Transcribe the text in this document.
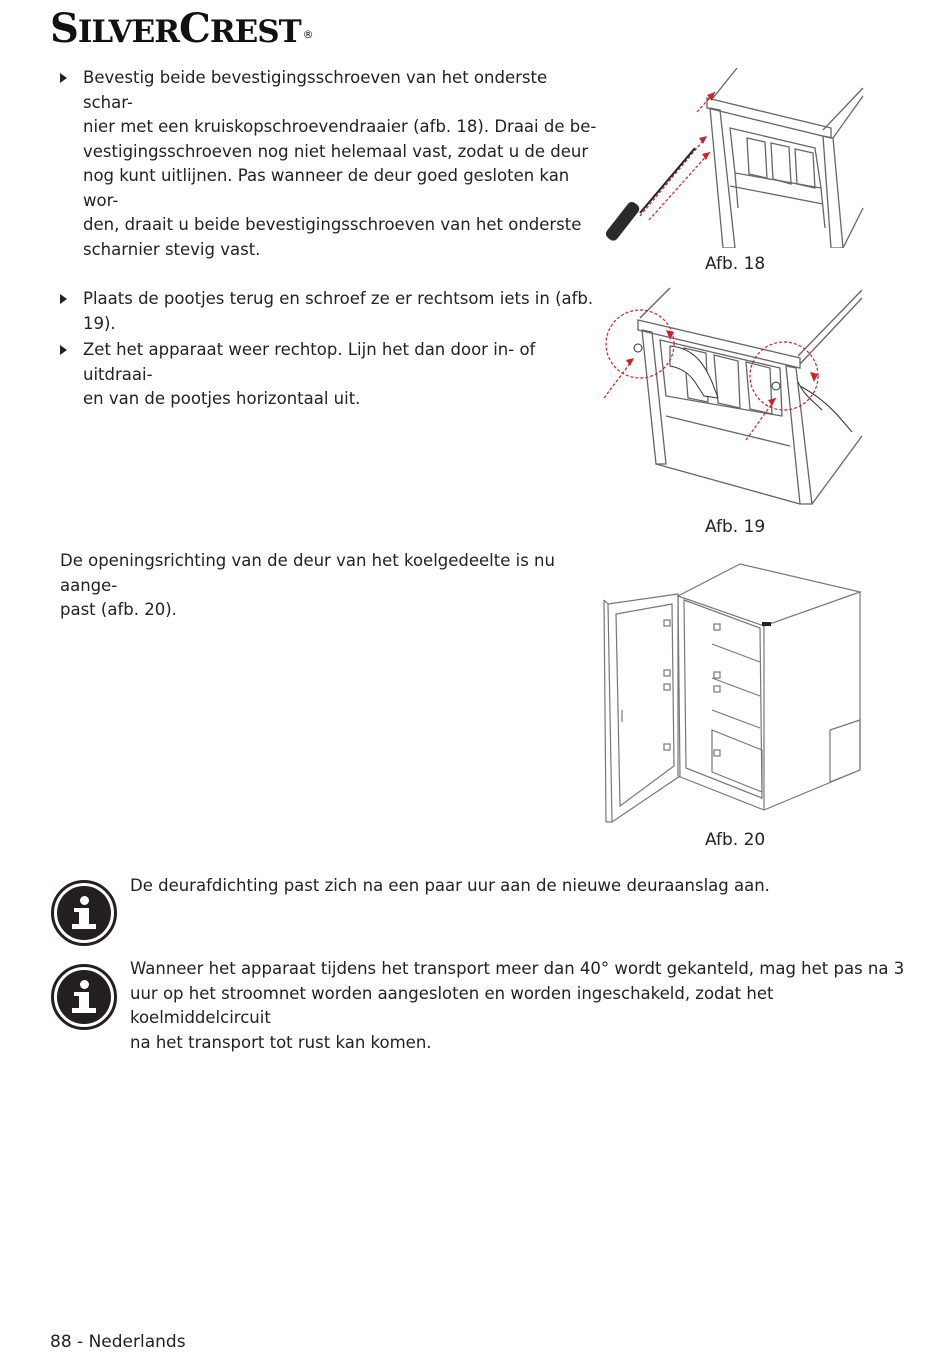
SILVERCREST ®
Bevestig beide bevestigingsschroeven van het onderste schar-
nier met een kruiskopschroevendraaier (afb. 18). Draai de be-
vestigingsschroeven nog niet helemaal vast, zodat u de deur
nog kunt uitlijnen. Pas wanneer de deur goed gesloten kan wor-
den, draait u beide bevestigingsschroeven van het onderste
scharnier stevig vast.
Plaats de pootjes terug en schroef ze er rechtsom iets in (afb.
19).
Zet het apparaat weer rechtop. Lijn het dan door in- of uitdraai-
en van de pootjes horizontaal uit.
De openingsrichting van de deur van het koelgedeelte is nu aange-
past (afb. 20).
Afb. 18
Afb. 19
Afb. 20
De deurafdichting past zich na een paar uur aan de nieuwe deuraanslag aan.
Wanneer het apparaat tijdens het transport meer dan 40° wordt gekanteld, mag het pas na 3
uur op het stroomnet worden aangesloten en worden ingeschakeld, zodat het koelmiddelcircuit
na het transport tot rust kan komen.
88 - Nederlands
